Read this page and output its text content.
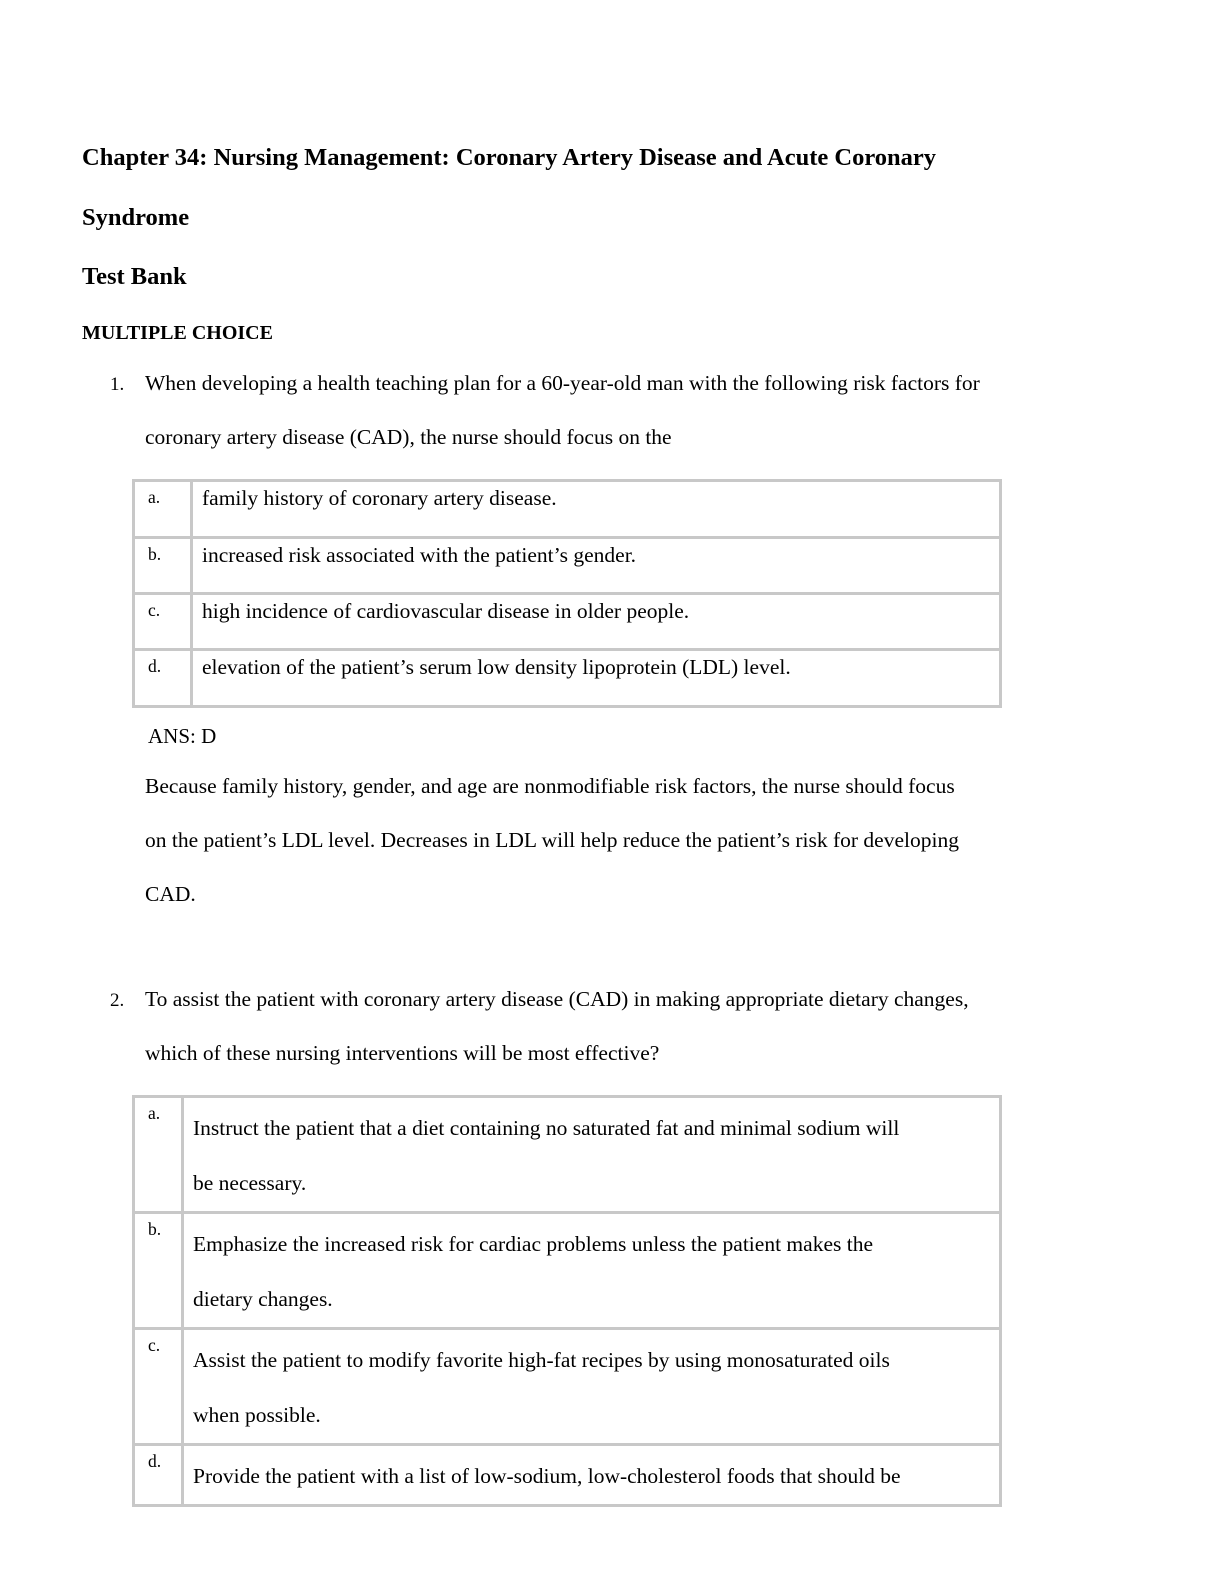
Chapter 34: Nursing Management: Coronary Artery Disease and Acute Coronary
Syndrome
Test Bank
MULTIPLE CHOICE
1. When developing a health teaching plan for a 60-year-old man with the following risk factors for
coronary artery disease (CAD), the nurse should focus on the
a.	family history of coronary artery disease.
b.	increased risk associated with the patient’s gender.
c.	high incidence of cardiovascular disease in older people.
d.	elevation of the patient’s serum low density lipoprotein (LDL) level.
ANS: D
Because family history, gender, and age are nonmodifiable risk factors, the nurse should focus
on the patient’s LDL level. Decreases in LDL will help reduce the patient’s risk for developing
CAD.
2. To assist the patient with coronary artery disease (CAD) in making appropriate dietary changes,
which of these nursing interventions will be most effective?
a.	Instruct the patient that a diet containing no saturated fat and minimal sodium will
be necessary.

b.	Emphasize the increased risk for cardiac problems unless the patient makes the
dietary changes.

c.	Assist the patient to modify favorite high-fat recipes by using monosaturated oils
when possible.

d.	Provide the patient with a list of low-sodium, low-cholesterol foods that should be
